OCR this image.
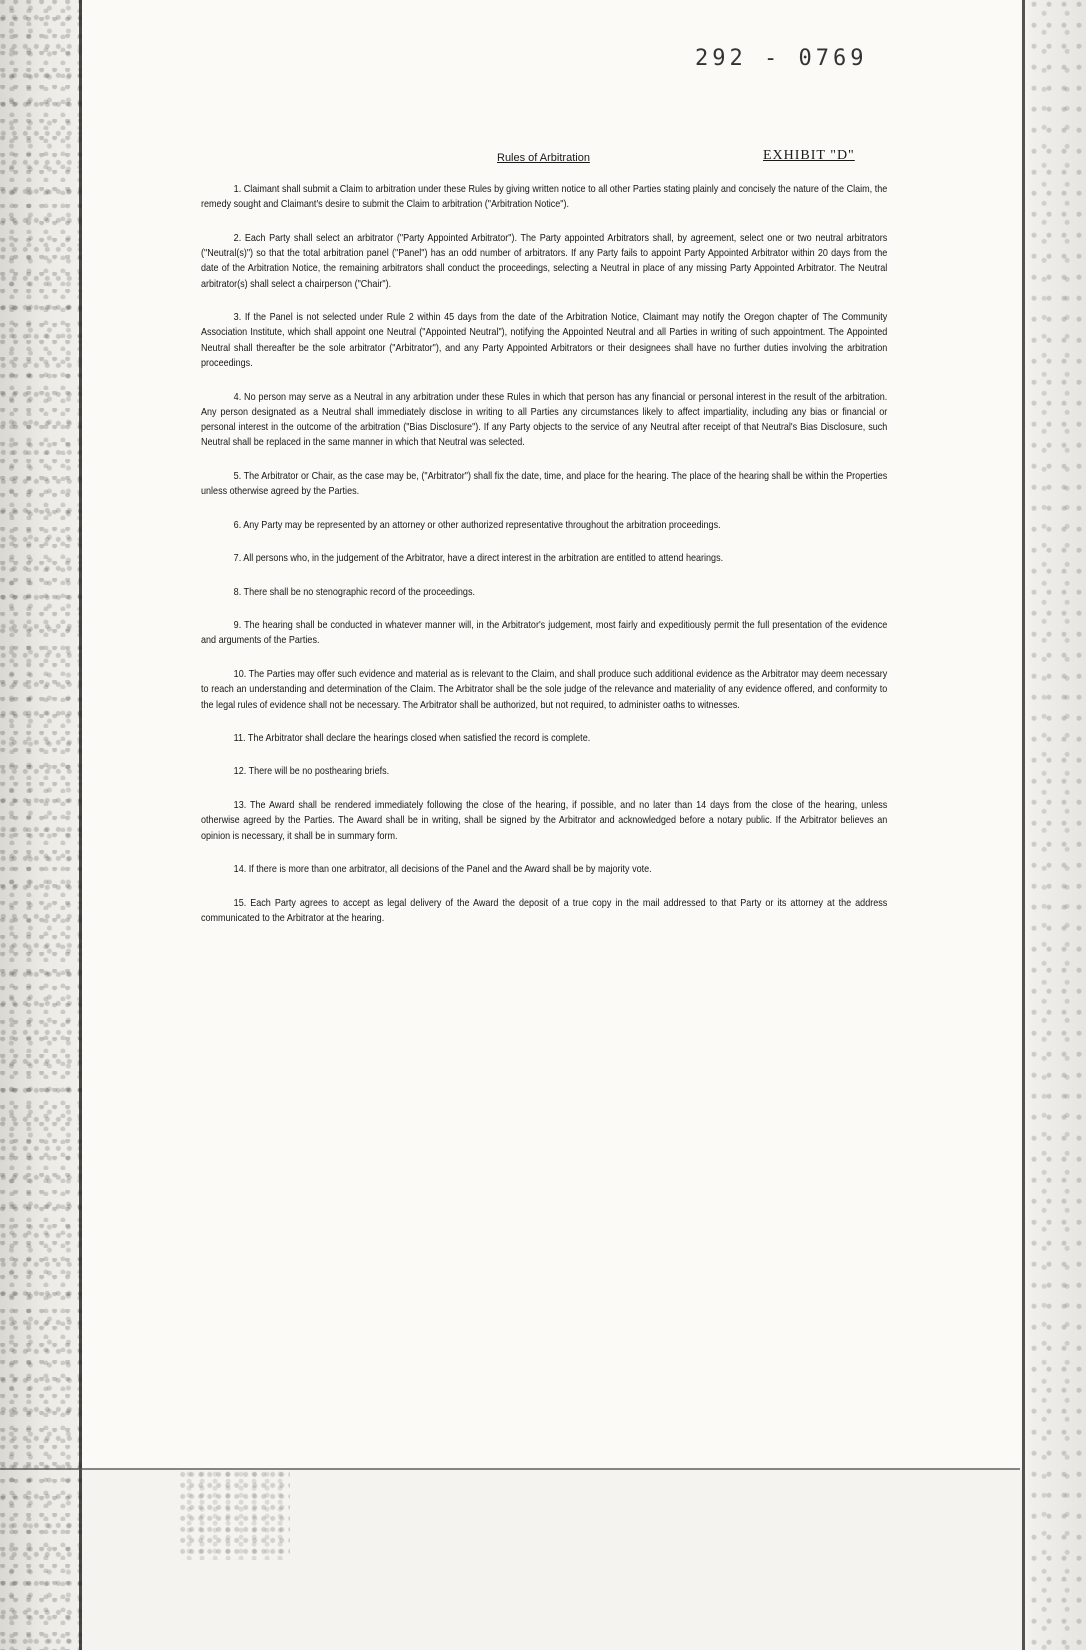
292 - 0769
EXHIBIT "D"
Rules of Arbitration

1. Claimant shall submit a Claim to arbitration under these Rules by giving written notice to all other Parties stating plainly and concisely the nature of the Claim, the remedy sought and Claimant's desire to submit the Claim to arbitration ("Arbitration Notice").

2. Each Party shall select an arbitrator ("Party Appointed Arbitrator"). The Party appointed Arbitrators shall, by agreement, select one or two neutral arbitrators ("Neutral(s)") so that the total arbitration panel ("Panel") has an odd number of arbitrators. If any Party fails to appoint Party Appointed Arbitrator within 20 days from the date of the Arbitration Notice, the remaining arbitrators shall conduct the proceedings, selecting a Neutral in place of any missing Party Appointed Arbitrator. The Neutral arbitrator(s) shall select a chairperson ("Chair").

3. If the Panel is not selected under Rule 2 within 45 days from the date of the Arbitration Notice, Claimant may notify the Oregon chapter of The Community Association Institute, which shall appoint one Neutral ("Appointed Neutral"), notifying the Appointed Neutral and all Parties in writing of such appointment. The Appointed Neutral shall thereafter be the sole arbitrator ("Arbitrator"), and any Party Appointed Arbitrators or their designees shall have no further duties involving the arbitration proceedings.

4. No person may serve as a Neutral in any arbitration under these Rules in which that person has any financial or personal interest in the result of the arbitration. Any person designated as a Neutral shall immediately disclose in writing to all Parties any circumstances likely to affect impartiality, including any bias or financial or personal interest in the outcome of the arbitration ("Bias Disclosure"). If any Party objects to the service of any Neutral after receipt of that Neutral's Bias Disclosure, such Neutral shall be replaced in the same manner in which that Neutral was selected.

5. The Arbitrator or Chair, as the case may be, ("Arbitrator") shall fix the date, time, and place for the hearing. The place of the hearing shall be within the Properties unless otherwise agreed by the Parties.

6. Any Party may be represented by an attorney or other authorized representative throughout the arbitration proceedings.

7. All persons who, in the judgement of the Arbitrator, have a direct interest in the arbitration are entitled to attend hearings.

8. There shall be no stenographic record of the proceedings.

9. The hearing shall be conducted in whatever manner will, in the Arbitrator's judgement, most fairly and expeditiously permit the full presentation of the evidence and arguments of the Parties.

10. The Parties may offer such evidence and material as is relevant to the Claim, and shall produce such additional evidence as the Arbitrator may deem necessary to reach an understanding and determination of the Claim. The Arbitrator shall be the sole judge of the relevance and materiality of any evidence offered, and conformity to the legal rules of evidence shall not be necessary. The Arbitrator shall be authorized, but not required, to administer oaths to witnesses.

11. The Arbitrator shall declare the hearings closed when satisfied the record is complete.

12. There will be no posthearing briefs.

13. The Award shall be rendered immediately following the close of the hearing, if possible, and no later than 14 days from the close of the hearing, unless otherwise agreed by the Parties. The Award shall be in writing, shall be signed by the Arbitrator and acknowledged before a notary public. If the Arbitrator believes an opinion is necessary, it shall be in summary form.

14. If there is more than one arbitrator, all decisions of the Panel and the Award shall be by majority vote.

15. Each Party agrees to accept as legal delivery of the Award the deposit of a true copy in the mail addressed to that Party or its attorney at the address communicated to the Arbitrator at the hearing.
